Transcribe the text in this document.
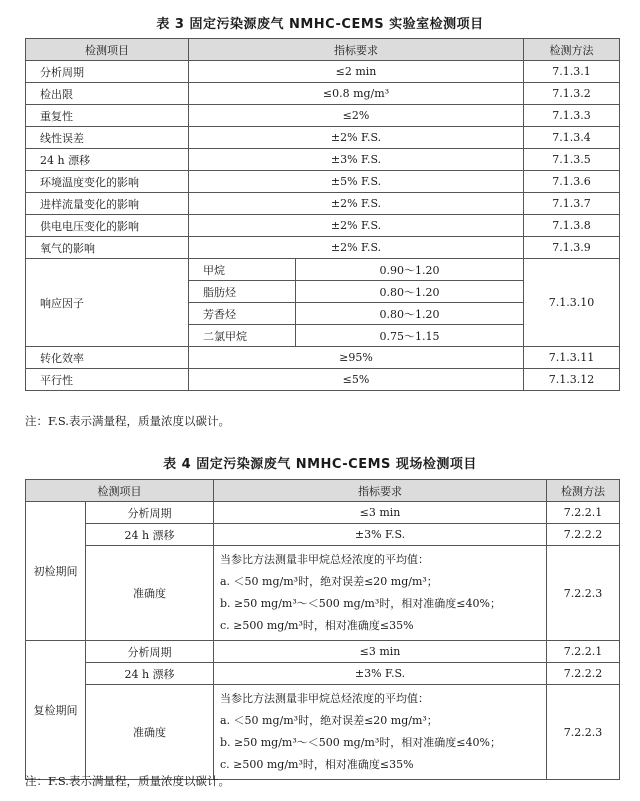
表 3 固定污染源废气 NMHC-CEMS 实验室检测项目
检测项目	指标要求		检测方法
分析周期	≤2 min		7.1.3.1
检出限	≤0.8 mg/m³		7.1.3.2
重复性	≤2%		7.1.3.3
线性误差	±2% F.S.		7.1.3.4
24 h 漂移	±3% F.S.		7.1.3.5
环境温度变化的影响	±5% F.S.		7.1.3.6
进样流量变化的影响	±2% F.S.		7.1.3.7
供电电压变化的影响	±2% F.S.		7.1.3.8
氧气的影响	±2% F.S.		7.1.3.9
响应因子	甲烷	0.90～1.20	7.1.3.10
	脂肪烃	0.80～1.20	
	芳香烃	0.80～1.20	
	二氯甲烷	0.75～1.15	
转化效率	≥95%		7.1.3.11
平行性	≤5%		7.1.3.12
注：F.S.表示满量程，质量浓度以碳计。
表 4 固定污染源废气 NMHC-CEMS 现场检测项目
检测项目		指标要求	检测方法
初检期间	分析周期	≤3 min	7.2.2.1
	24 h 漂移	±3% F.S.	7.2.2.2
	准确度	当参比方法测量非甲烷总烃浓度的平均值：
a. ＜50 mg/m³时，绝对误差≤20 mg/m³；
b. ≥50 mg/m³～＜500 mg/m³时，相对准确度≤40%；
c. ≥500 mg/m³时，相对准确度≤35%	7.2.2.3
复检期间	分析周期	≤3 min	7.2.2.1
	24 h 漂移	±3% F.S.	7.2.2.2
	准确度	当参比方法测量非甲烷总烃浓度的平均值：
a. ＜50 mg/m³时，绝对误差≤20 mg/m³；
b. ≥50 mg/m³～＜500 mg/m³时，相对准确度≤40%；
c. ≥500 mg/m³时，相对准确度≤35%	7.2.2.3
注：F.S.表示满量程，质量浓度以碳计。
